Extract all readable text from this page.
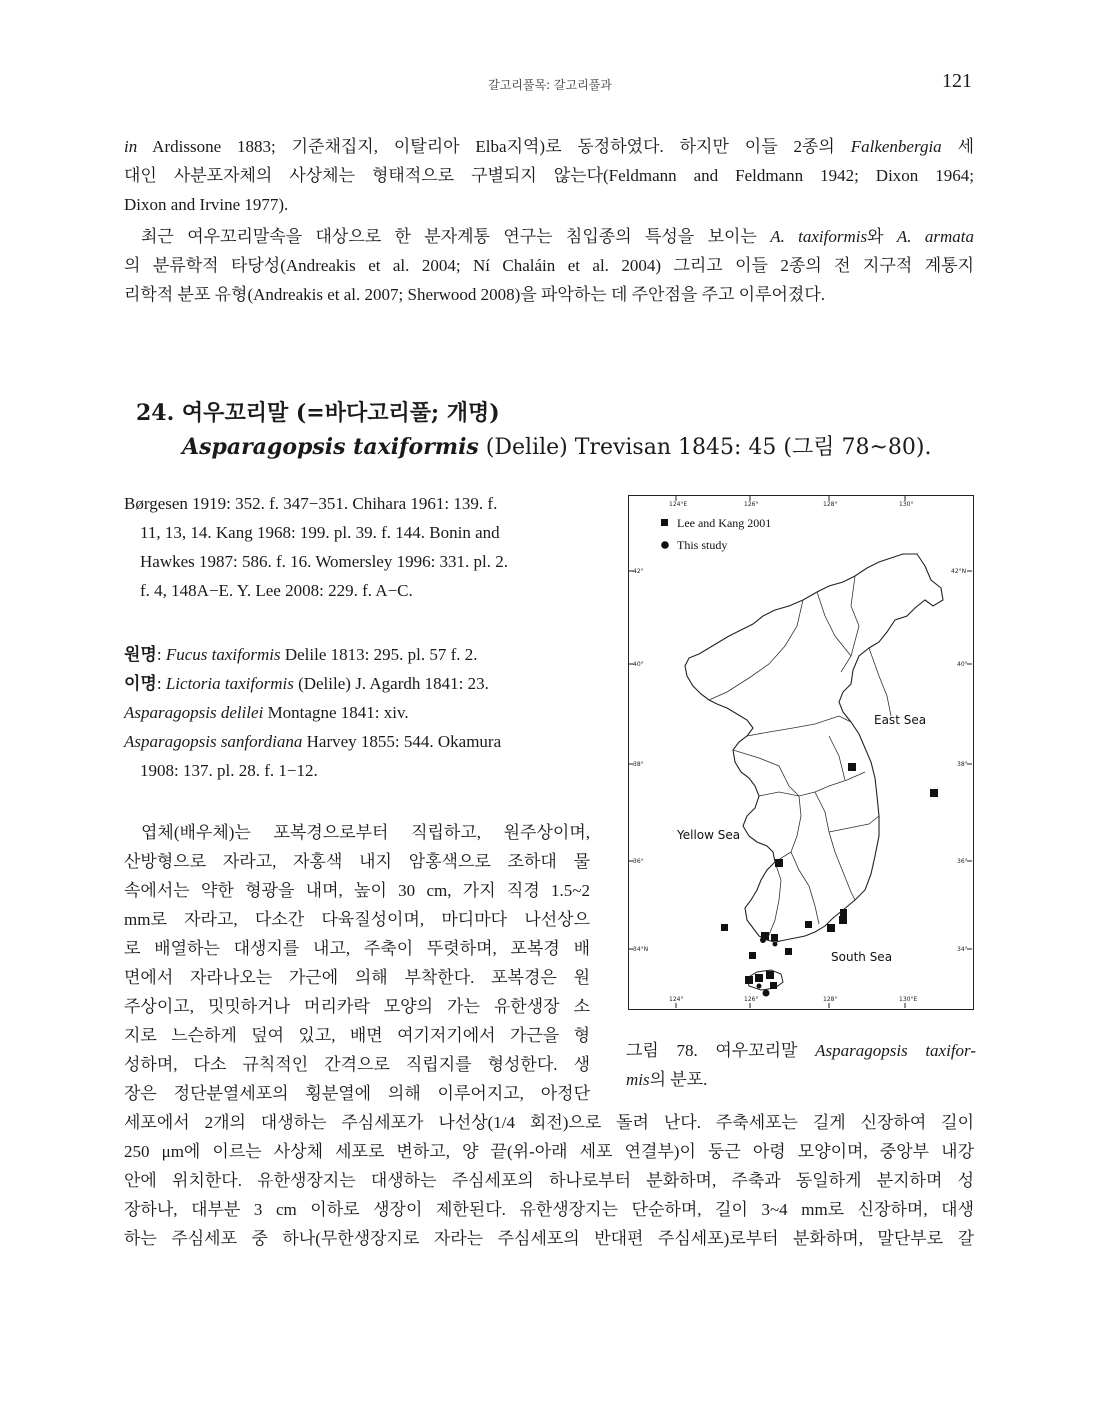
갈고리풀목: 갈고리풀과	121
in Ardissone 1883; 기준채집지, 이탈리아 Elba지역)로 동정하였다. 하지만 이들 2종의 Falkenbergia 세
대인 사분포자체의 사상체는 형태적으로 구별되지 않는다(Feldmann and Feldmann 1942; Dixon 1964;
Dixon and Irvine 1977).
최근 여우꼬리말속을 대상으로 한 분자계통 연구는 침입종의 특성을 보이는 A. taxiformis와 A. armata
의 분류학적 타당성(Andreakis et al. 2004; Ní Chaláin et al. 2004) 그리고 이들 2종의 전 지구적 계통지
리학적 분포 유형(Andreakis et al. 2007; Sherwood 2008)을 파악하는 데 주안점을 주고 이루어졌다.
24. 여우꼬리말 (=바다고리풀; 개명)
Asparagopsis taxiformis (Delile) Trevisan 1845: 45 (그림 78~80).
Børgesen 1919: 352. f. 347−351. Chihara 1961: 139. f.
11, 13, 14. Kang 1968: 199. pl. 39. f. 144. Bonin and
Hawkes 1987: 586. f. 16. Womersley 1996: 331. pl. 2.
f. 4, 148A−E. Y. Lee 2008: 229. f. A−C.
원명: Fucus taxiformis Delile 1813: 295. pl. 57 f. 2.
이명: Lictoria taxiformis (Delile) J. Agardh 1841: 23.
Asparagopsis delilei Montagne 1841: xiv.
Asparagopsis sanfordiana Harvey 1855: 544. Okamura
1908: 137. pl. 28. f. 1−12.
엽체(배우체)는 포복경으로부터 직립하고, 원주상이며,
산방형으로 자라고, 자홍색 내지 암홍색으로 조하대 물
속에서는 약한 형광을 내며, 높이 30 cm, 가지 직경 1.5~2
mm로 자라고, 다소간 다육질성이며, 마디마다 나선상으
로 배열하는 대생지를 내고, 주축이 뚜렷하며, 포복경 배
면에서 자라나오는 가근에 의해 부착한다. 포복경은 원
주상이고, 밋밋하거나 머리카락 모양의 가는 유한생장 소
지로 느슨하게 덮여 있고, 배면 여기저기에서 가근을 형
성하며, 다소 규칙적인 간격으로 직립지를 형성한다. 생
장은 정단분열세포의 횡분열에 의해 이루어지고, 아정단
세포에서 2개의 대생하는 주심세포가 나선상(1/4 회전)으로 돌려 난다. 주축세포는 길게 신장하여 길이
250 μm에 이르는 사상체 세포로 변하고, 양 끝(위-아래 세포 연결부)이 둥근 아령 모양이며, 중앙부 내강
안에 위치한다. 유한생장지는 대생하는 주심세포의 하나로부터 분화하며, 주축과 동일하게 분지하며 성
장하나, 대부분 3 cm 이하로 생장이 제한된다. 유한생장지는 단순하며, 길이 3~4 mm로 신장하며, 대생
하는 주심세포 중 하나(무한생장지로 자라는 주심세포의 반대편 주심세포)로부터 분화하며, 말단부로 갈
124°E	126°	128°	130°
124°	126°	128°	130°E
42°
40°
38°
36°
34°N
42°N
40°
38°
36°
34°
Lee and Kang 2001
This study
East Sea
Yellow Sea
South Sea
그림 78. 여우꼬리말 Asparagopsis taxifor-
mis의 분포.
